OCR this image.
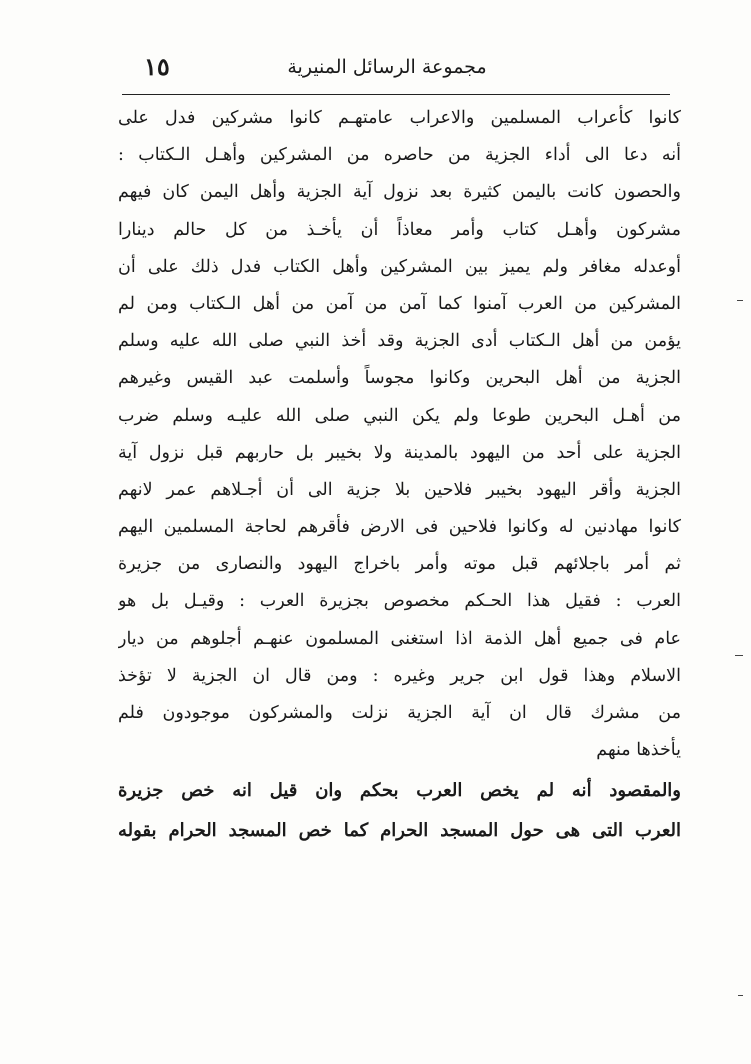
١٥	مجموعة الرسائل المنيرية
كانوا كأعراب المسلمين والاعراب عامتهـم كانوا مشركين فدل على
أنه دعا الى أداء الجزية من حاصره من المشركين وأهـل الـكتاب :
والحصون كانت باليمن كثيرة بعد نزول آية الجزية وأهل اليمن كان فيهم
مشركون وأهـل كتاب وأمر معاذاً أن يأخـذ من كل حالم دينارا
أوعدله مغافر ولم يميز بين المشركين وأهل الكتاب فدل ذلك على أن
المشركين من العرب آمنوا كما آمن من آمن من أهل الـكتاب ومن لم
يؤمن من أهل الـكتاب أدى الجزية وقد أخذ النبي صلى الله عليه وسلم
الجزية من أهل البحرين وكانوا مجوساً وأسلمت عبد القيس وغيرهم
من أهـل البحرين طوعا ولم يكن النبي صلى الله عليـه وسلم ضرب
الجزية على أحد من اليهود بالمدينة ولا بخيبر بل حاربهم قبل نزول آية
الجزية وأقر اليهود بخيبر فلاحين بلا جزية الى أن أجـلاهم عمر لانهم
كانوا مهادنين له وكانوا فلاحين فى الارض فأقرهم لحاجة المسلمين اليهم
ثم أمر باجلائهم قبل موته وأمر باخراج اليهود والنصارى من جزيرة
العرب : فقيل هذا الحـكم مخصوص بجزيرة العرب : وقيـل بل هو
عام فى جميع أهل الذمة اذا استغنى المسلمون عنهـم أجلوهم من ديار
الاسلام وهذا قول ابن جرير وغيره : ومن قال ان الجزية لا تؤخذ
من مشرك قال ان آية الجزية نزلت والمشركون موجودون فلم
يأخذها منهم
والمقصود أنه لم يخص العرب بحكم وان قيل انه خص جزيرة
العرب التى هى حول المسجد الحرام كما خص المسجد الحرام بقوله
